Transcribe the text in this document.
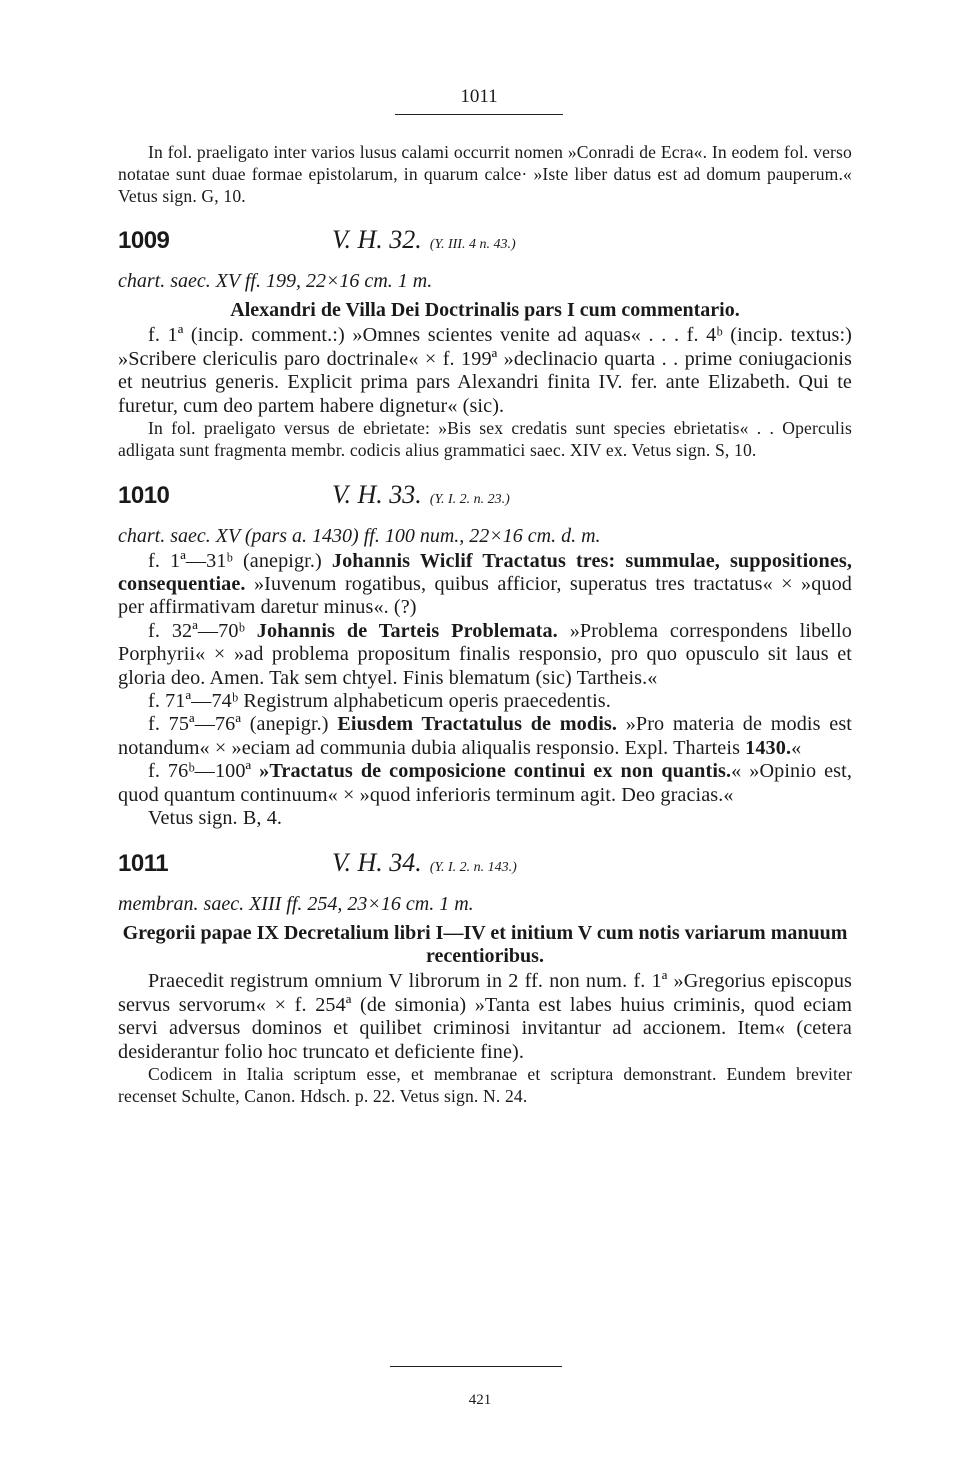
1011

In fol. praeligato inter varios lusus calami occurrit nomen »Conradi de Ecra«. In eodem fol. verso notatae sunt duae formae epistolarum, in quarum calce· »Iste liber datus est ad domum pauperum.« Vetus sign. G, 10.

1009	V. H. 32. (Y. III. 4 n. 43.)

chart. saec. XV ff. 199, 22×16 cm. 1 m.

Alexandri de Villa Dei Doctrinalis pars I cum commentario.

f. 1ª (incip. comment.:) »Omnes scientes venite ad aquas« . . . f. 4ᵇ (incip. textus:) »Scribere clericulis paro doctrinale« × f. 199ª »declinacio quarta . . prime coniugacionis et neutrius generis. Explicit prima pars Alexandri finita IV. fer. ante Elizabeth. Qui te furetur, cum deo partem habere dignetur« (sic).

In fol. praeligato versus de ebrietate: »Bis sex credatis sunt species ebrietatis« . . Operculis adligata sunt fragmenta membr. codicis alius grammatici saec. XIV ex. Vetus sign. S, 10.

1010	V. H. 33. (Y. I. 2. n. 23.)

chart. saec. XV (pars a. 1430) ff. 100 num., 22×16 cm. d. m.

f. 1ª—31ᵇ (anepigr.) Johannis Wiclif Tractatus tres: summulae, suppositiones, consequentiae. »Iuvenum rogatibus, quibus afficior, superatus tres tractatus« × »quod per affirmativam daretur minus«. (?)

f. 32ª—70ᵇ Johannis de Tarteis Problemata. »Problema correspondens libello Porphyrii« × »ad problema propositum finalis responsio, pro quo opusculo sit laus et gloria deo. Amen. Tak sem chtyel. Finis blematum (sic) Tartheis.«

f. 71ª—74ᵇ Registrum alphabeticum operis praecedentis.

f. 75ª—76ª (anepigr.) Eiusdem Tractatulus de modis. »Pro materia de modis est notandum« × »eciam ad communia dubia aliqualis responsio. Expl. Tharteis 1430.«

f. 76ᵇ—100ª »Tractatus de composicione continui ex non quantis.« »Opinio est, quod quantum continuum« × »quod inferioris terminum agit. Deo gracias.«

Vetus sign. B, 4.

1011	V. H. 34. (Y. I. 2. n. 143.)

membran. saec. XIII ff. 254, 23×16 cm. 1 m.

Gregorii papae IX Decretalium libri I—IV et initium V cum notis variarum manuum recentioribus.

Praecedit registrum omnium V librorum in 2 ff. non num. f. 1ª »Gregorius episcopus servus servorum« × f. 254ª (de simonia) »Tanta est labes huius criminis, quod eciam servi adversus dominos et quilibet criminosi invitantur ad accionem. Item« (cetera desiderantur folio hoc truncato et deficiente fine).

Codicem in Italia scriptum esse, et membranae et scriptura demonstrant. Eundem breviter recenset Schulte, Canon. Hdsch. p. 22. Vetus sign. N. 24.

421
